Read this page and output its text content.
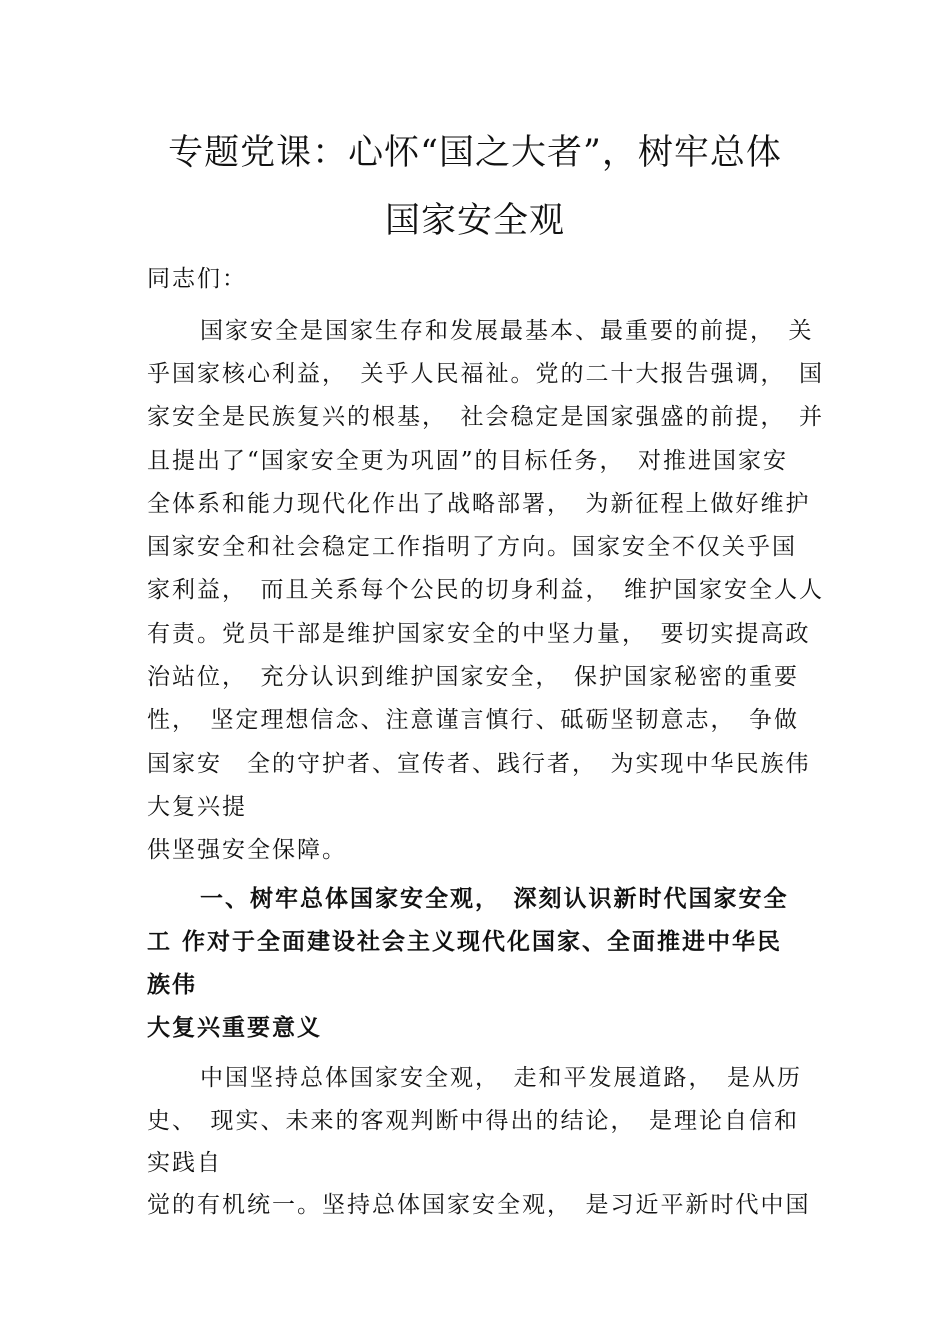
专题党课：心怀“国之大者”，树牢总体
国家安全观
同志们：
国家安全是国家生存和发展最基本、最重要的前提，　关
乎国家核心利益，　关乎人民福祉。党的二十大报告强调，　国
家安全是民族复兴的根基，　社会稳定是国家强盛的前提，　并
且提出了“国家安全更为巩固”的目标任务，　对推进国家安
全体系和能力现代化作出了战略部署，　为新征程上做好维护
国家安全和社会稳定工作指明了方向。国家安全不仅关乎国
家利益，　而且关系每个公民的切身利益，　维护国家安全人人
有责。党员干部是维护国家安全的中坚力量，　要切实提高政
治站位，　充分认识到维护国家安全，　保护国家秘密的重要
性，　坚定理想信念、注意谨言慎行、砥砺坚韧意志，　争做
国家安　全的守护者、宣传者、践行者，　为实现中华民族伟
大复兴提
供坚强安全保障。
一、树牢总体国家安全观，　深刻认识新时代国家安全
工 作对于全面建设社会主义现代化国家、全面推进中华民
族伟
大复兴重要意义
中国坚持总体国家安全观，　走和平发展道路，　是从历
史、　现实、未来的客观判断中得出的结论，　是理论自信和
实践自
觉的有机统一。坚持总体国家安全观，　是习近平新时代中国
